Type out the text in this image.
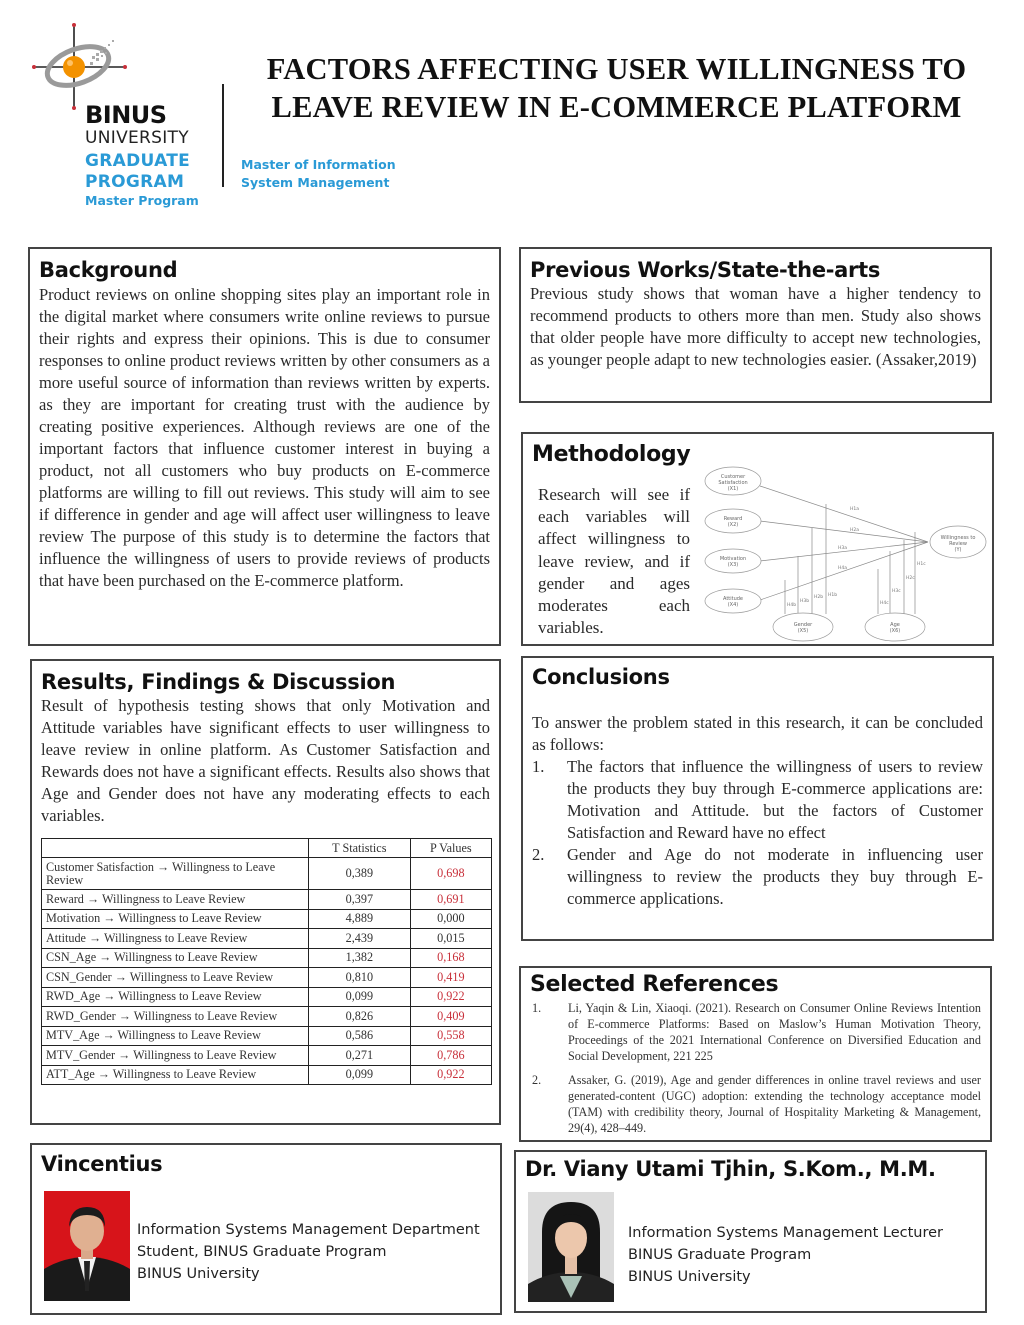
BINUS
UNIVERSITY
GRADUATE
PROGRAM
Master Program
Master of Information
System Management
FACTORS AFFECTING USER WILLINGNESS TO
LEAVE REVIEW IN E-COMMERCE PLATFORM
Background

Product reviews on online shopping sites play an important role in the digital market where consumers write online reviews to pursue their rights and express their opinions. This is due to consumer responses to online product reviews written by other consumers as a more useful source of information than reviews written by experts. as they are important for creating trust with the audience by creating positive experiences. Although reviews are one of the important factors that influence customer interest in buying a product, not all customers who buy products on E-commerce platforms are willing to fill out reviews. This study will aim to see if difference in gender and age will affect user willingness to leave review The purpose of this study is to determine the factors that influence the willingness of users to provide reviews of products that have been purchased on the E-commerce platform.

Previous Works/State-the-arts

Previous study shows that woman have a higher tendency to recommend products to others more than men. Study also shows that older people have more difficulty to accept new technologies, as younger people adapt to new technologies easier. (Assaker,2019)

Methodology

Research will see if each variables will affect willingness to leave review, and if gender and ages moderates each variables.

Customer
Satisfaction
(X1)
Reward
(X2)
Motivation
(X3)
Attitude
(X4)
Gender
(X5)
Age
(X6)
Willingness to
Review
(Y)
H1a
H2a
H3a
H4a
H4b
H3b
H2b H1b
H4c
H3c
H2c
H1c
Results, Findings & Discussion

Result of hypothesis testing shows that only Motivation and Attitude variables have significant effects to user willingness to leave review in online platform. As Customer Satisfaction and Rewards does not have a significant effects. Results also shows that Age and Gender does not have any moderating effects to each variables.

	T Statistics	P Values
Customer Satisfaction → Willingness to Leave Review	0,389	0,698
Reward → Willingness to Leave Review	0,397	0,691
Motivation → Willingness to Leave Review	4,889	0,000
Attitude → Willingness to Leave Review	2,439	0,015
CSN_Age → Willingness to Leave Review	1,382	0,168
CSN_Gender → Willingness to Leave Review	0,810	0,419
RWD_Age → Willingness to Leave Review	0,099	0,922
RWD_Gender → Willingness to Leave Review	0,826	0,409
MTV_Age → Willingness to Leave Review	0,586	0,558
MTV_Gender → Willingness to Leave Review	0,271	0,786
ATT_Age → Willingness to Leave Review	0,099	0,922
Conclusions

To answer the problem stated in this research, it can be concluded as follows:

1. The factors that influence the willingness of users to review the products they buy through E-commerce applications are: Motivation and Attitude. but the factors of Customer Satisfaction and Reward have no effect
2. Gender and Age do not moderate in influencing user willingness to review the products they buy through E-commerce applications.
Selected References
1. Li, Yaqin & Lin, Xiaoqi. (2021). Research on Consumer Online Reviews Intention of E-commerce Platforms: Based on Maslow’s Human Motivation Theory, Proceedings of the 2021 International Conference on Diversified Education and Social Development, 221 225
2. Assaker, G. (2019), Age and gender differences in online travel reviews and user generated-content (UGC) adoption: extending the technology acceptance model (TAM) with credibility theory, Journal of Hospitality Marketing & Management, 29(4), 428–449.
Vincentius
Information Systems Management Department
Student, BINUS Graduate Program
BINUS University
Dr. Viany Utami Tjhin, S.Kom., M.M.
Information Systems Management Lecturer
BINUS Graduate Program
BINUS University
